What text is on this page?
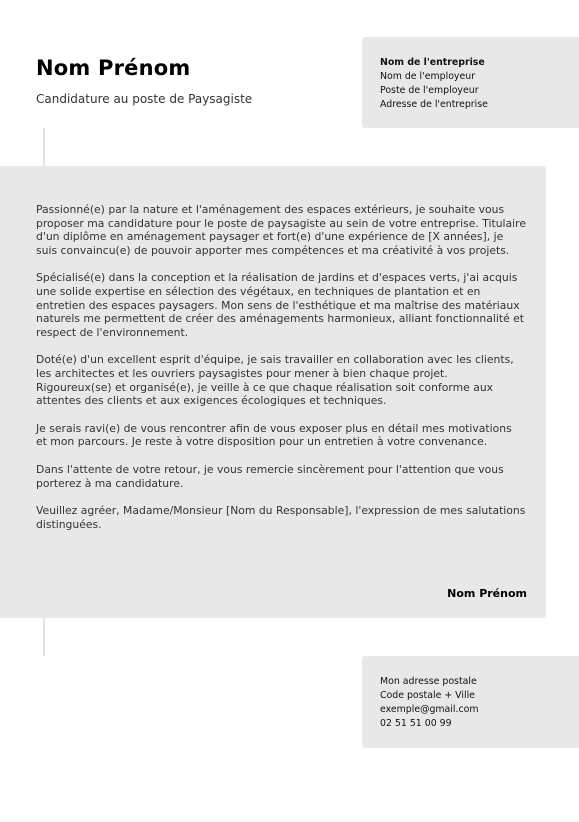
Nom Prénom

Candidature au poste de Paysagiste

Nom de l'entreprise
Nom de l'employeur
Poste de l'employeur
Adresse de l'entreprise

Passionné(e) par la nature et l'aménagement des espaces extérieurs, je souhaite vous proposer ma candidature pour le poste de paysagiste au sein de votre entreprise. Titulaire d'un diplôme en aménagement paysager et fort(e) d'une expérience de [X années], je suis convaincu(e) de pouvoir apporter mes compétences et ma créativité à vos projets.

Spécialisé(e) dans la conception et la réalisation de jardins et d'espaces verts, j'ai acquis une solide expertise en sélection des végétaux, en techniques de plantation et en entretien des espaces paysagers. Mon sens de l'esthétique et ma maîtrise des matériaux naturels me permettent de créer des aménagements harmonieux, alliant fonctionnalité et respect de l'environnement.

Doté(e) d'un excellent esprit d'équipe, je sais travailler en collaboration avec les clients, les architectes et les ouvriers paysagistes pour mener à bien chaque projet. Rigoureux(se) et organisé(e), je veille à ce que chaque réalisation soit conforme aux attentes des clients et aux exigences écologiques et techniques.

Je serais ravi(e) de vous rencontrer afin de vous exposer plus en détail mes motivations et mon parcours. Je reste à votre disposition pour un entretien à votre convenance.

Dans l'attente de votre retour, je vous remercie sincèrement pour l'attention que vous porterez à ma candidature.

Veuillez agréer, Madame/Monsieur [Nom du Responsable], l'expression de mes salutations distinguées.

Nom Prénom
Mon adresse postale
Code postale + Ville
exemple@gmail.com
02 51 51 00 99
